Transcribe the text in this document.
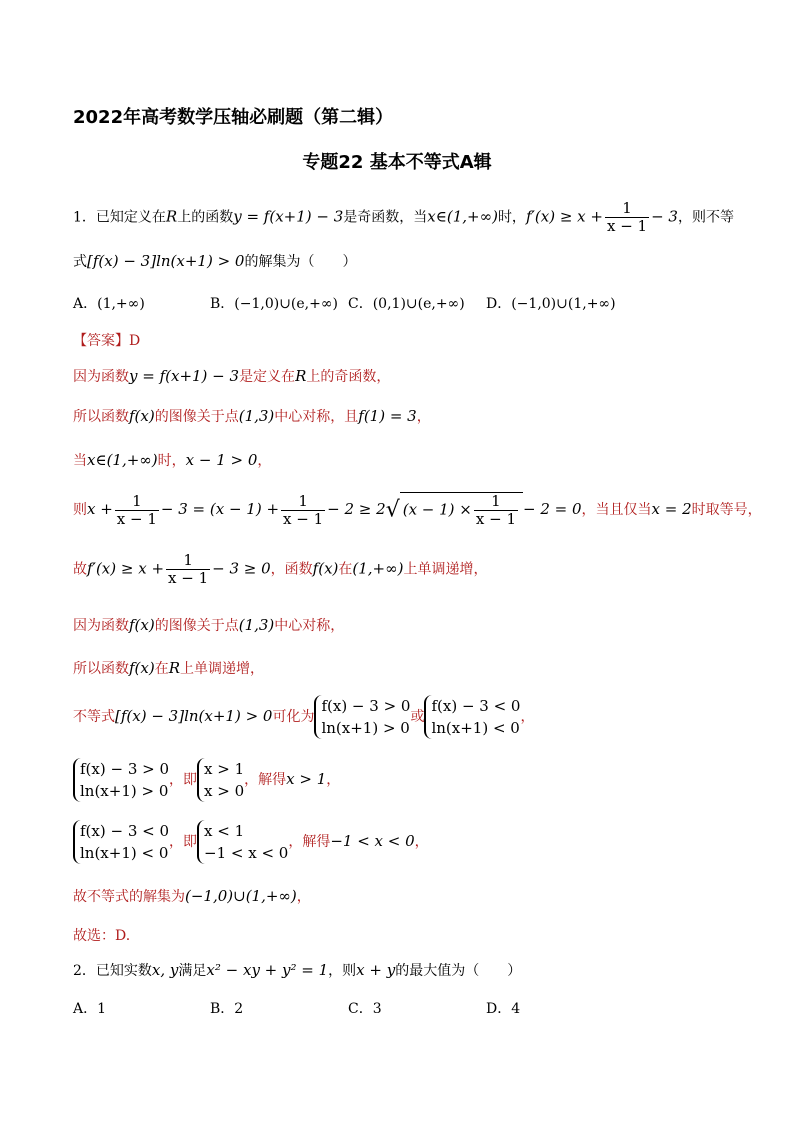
2022年高考数学压轴必刷题（第二辑）
专题22 基本不等式A辑
1．已知定义在R上的函数y = f(x+1) − 3是奇函数，当x∈(1,+∞)时，$f'(x) \ge x + \frac{1}{x - 1} - 3$，则不等
式[f(x) − 3]ln(x+1) > 0的解集为（　　）
A．(1,+∞)	B．(−1,0)∪(e,+∞) C．(0,1)∪(e,+∞) D．(−1,0)∪(1,+∞)
【答案】D
因为函数y = f(x+1) − 3是定义在R上的奇函数，
所以函数f(x)的图像关于点(1,3)中心对称，且f(1) = 3，
当x∈(1,+∞)时，x − 1 > 0，
则$x + \frac{1}{x - 1} - 3 = (x - 1) + \frac{1}{x - 1} - 2 \ge 2√$ $(x - 1) \times \frac{1}{x - 1} - 2 = 0$，当且仅当x = 2时取等号，
故$f'(x) \ge x + \frac{1}{x - 1} - 3 \ge 0$，函数f(x)在(1,+∞)上单调递增，
因为函数f(x)的图像关于点(1,3)中心对称，
所以函数f(x)在R上单调递增，
不等式[f(x) − 3]ln(x+1) > 0可化为
f(x) − 3 > 0
ln(x+1) > 0
或
f(x) − 3 < 0
ln(x+1) < 0
，
f(x) − 3 > 0
ln(x+1) > 0
，即
x > 1
x > 0
，解得x > 1，
f(x) − 3 < 0
ln(x+1) < 0
，即
x < 1
−1 < x < 0
，解得−1 < x < 0，
故不等式的解集为(−1,0)∪(1,+∞)，
故选：D.
2．已知实数x, y满足x² − xy + y² = 1，则x + y的最大值为（　　）
A．1	B．2	C．3	D．4
